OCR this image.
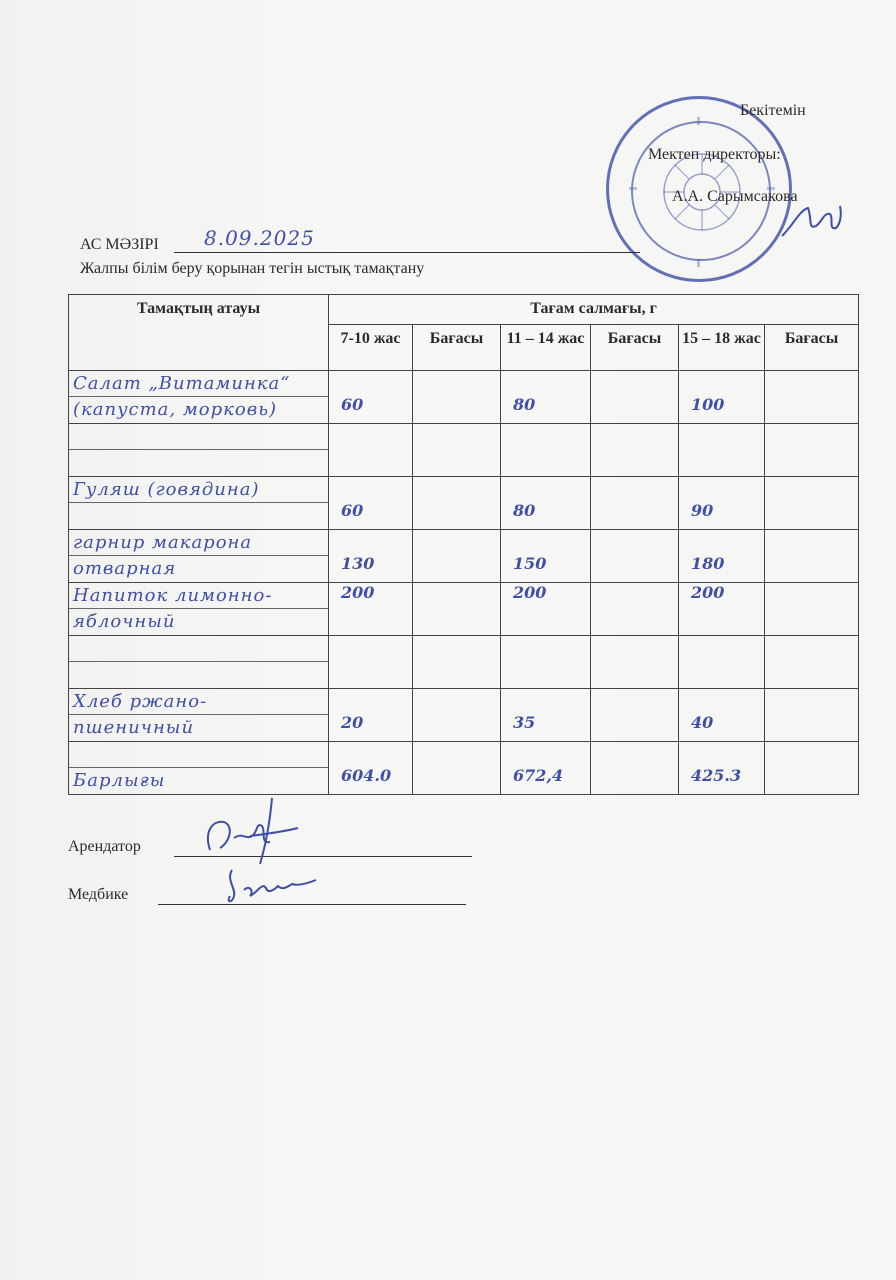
Бекітемін
Мектеп директоры:
А.А. Сарымсакова
АС МӘЗІРІ 8.09.2025
Жалпы білім беру қорынан тегін ыстық тамақтану
Тамақтың атауы	Тағам салмағы, г					
	7-10 жас	Бағасы	11 – 14 жас	Бағасы	15 – 18 жас	Бағасы

Салат „Витаминка“
(капуста, морковь)	60		80		100	

Гуляш (говядина)	60		80		90	

гарнир макарона
отварная	130		150		180	

Напиток лимонно-
яблочный	200		200		200	

Хлеб ржано-
пшеничный	20		35		40	

Барлығы	604.0		672,4		425.3	

Арендатор
Медбике
